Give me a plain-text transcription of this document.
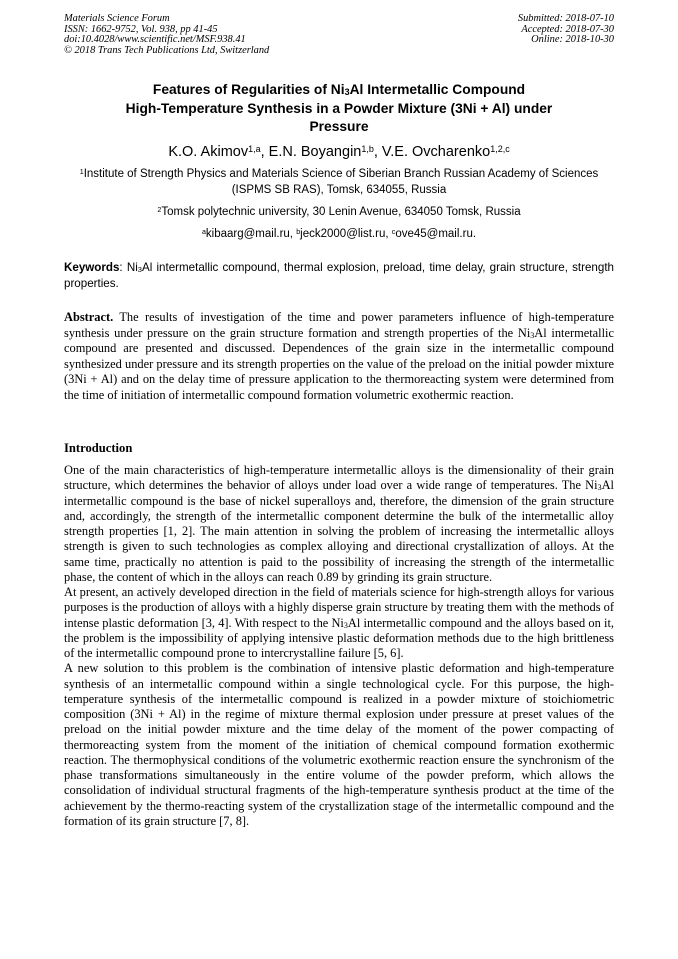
Materials Science Forum
ISSN: 1662-9752, Vol. 938, pp 41-45
doi:10.4028/www.scientific.net/MSF.938.41
© 2018 Trans Tech Publications Ltd, Switzerland
Submitted: 2018-07-10
Accepted: 2018-07-30
Online: 2018-10-30
Features of Regularities of $Ni_3Al$ Intermetallic Compound
High-Temperature Synthesis in a Powder Mixture (3Ni + Al) under
Pressure
K.O. Akimov$^{1,a}$, E.N. Boyangin$^{1,b}$, V.E. Ovcharenko$^{1,2,c}$
$^1$Institute of Strength Physics and Materials Science of Siberian Branch Russian Academy of Sciences (ISPMS SB RAS), Tomsk, 634055, Russia
$^2$Tomsk polytechnic university, 30 Lenin Avenue, 634050 Tomsk, Russia
$^a$kibaarg@mail.ru, $^b$jeck2000@list.ru, $^c$ove45@mail.ru.
Keywords: $Ni_3Al$ intermetallic compound, thermal explosion, preload, time delay, grain structure, strength properties.
Abstract. The results of investigation of the time and power parameters influence of high-temperature synthesis under pressure on the grain structure formation and strength properties of the $Ni_3Al$ intermetallic compound are presented and discussed. Dependences of the grain size in the intermetallic compound synthesized under pressure and its strength properties on the value of the preload on the initial powder mixture (3Ni + Al) and on the delay time of pressure application to the thermoreacting system were determined from the time of initiation of intermetallic compound formation volumetric exothermic reaction.
Introduction

One of the main characteristics of high-temperature intermetallic alloys is the dimensionality of their grain structure, which determines the behavior of alloys under load over a wide range of temperatures. The $Ni_3Al$ intermetallic compound is the base of nickel superalloys and, therefore, the dimension of the grain structure and, accordingly, the strength of the intermetallic component determine the bulk of the intermetallic alloy strength properties [1, 2]. The main attention in solving the problem of increasing the intermetallic alloys strength is given to such technologies as complex alloying and directional crystallization of alloys. At the same time, practically no attention is paid to the possibility of increasing the strength of the intermetallic phase, the content of which in the alloys can reach 0.89 by grinding its grain structure.

At present, an actively developed direction in the field of materials science for high-strength alloys for various purposes is the production of alloys with a highly disperse grain structure by treating them with the methods of intense plastic deformation [3, 4]. With respect to the $Ni_3Al$ intermetallic compound and the alloys based on it, the problem is the impossibility of applying intensive plastic deformation methods due to the high brittleness of the intermetallic compound prone to intercrystalline failure [5, 6].

A new solution to this problem is the combination of intensive plastic deformation and high-temperature synthesis of an intermetallic compound within a single technological cycle. For this purpose, the high-temperature synthesis of the intermetallic compound is realized in a powder mixture of stoichiometric composition (3Ni + Al) in the regime of mixture thermal explosion under pressure at preset values of the preload on the initial powder mixture and the time delay of the moment of the power compacting of thermoreacting system from the moment of the initiation of chemical compound formation exothermic reaction. The thermophysical conditions of the volumetric exothermic reaction ensure the synchronism of the phase transformations simultaneously in the entire volume of the powder preform, which allows the consolidation of individual structural fragments of the high-temperature synthesis product at the time of the achievement by the thermo-reacting system of the crystallization stage of the intermetallic compound and the formation of its grain structure [7, 8].
